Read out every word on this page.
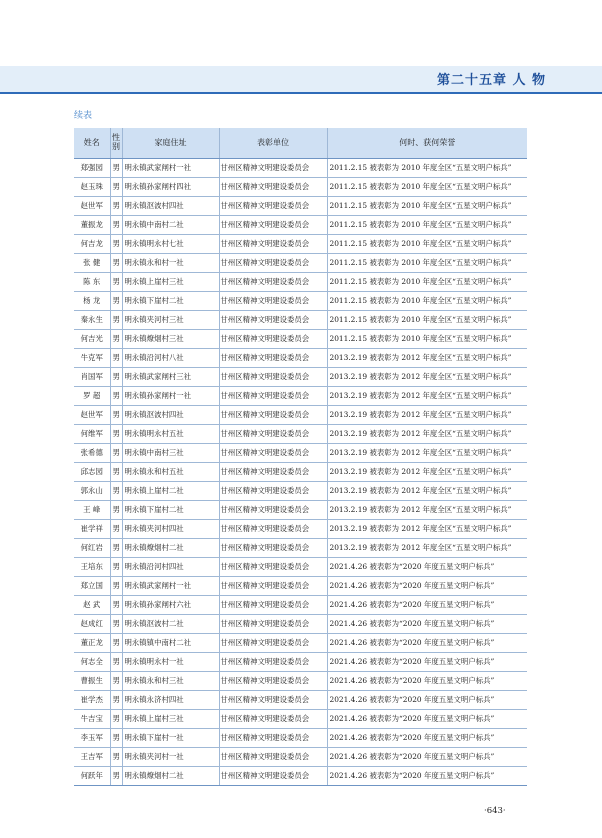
第二十五章 人 物
续表
姓名	性别	家庭住址	表彰单位	何时、获何荣誉
郑强园	男	明永镇武家闸村一社	甘州区精神文明建设委员会	2011.2.15 被表彰为 2010 年度全区“五星文明户标兵”
赵玉珠	男	明永镇孙家闸村四社	甘州区精神文明建设委员会	2011.2.15 被表彰为 2010 年度全区“五星文明户标兵”
赵世军	男	明永镇沤波村四社	甘州区精神文明建设委员会	2011.2.15 被表彰为 2010 年度全区“五星文明户标兵”
董振龙	男	明永镇中南村二社	甘州区精神文明建设委员会	2011.2.15 被表彰为 2010 年度全区“五星文明户标兵”
何吉龙	男	明永镇明永村七社	甘州区精神文明建设委员会	2011.2.15 被表彰为 2010 年度全区“五星文明户标兵”
张 健	男	明永镇永和村一社	甘州区精神文明建设委员会	2011.2.15 被表彰为 2010 年度全区“五星文明户标兵”
陈 东	男	明永镇上崖村三社	甘州区精神文明建设委员会	2011.2.15 被表彰为 2010 年度全区“五星文明户标兵”
杨 龙	男	明永镇下崖村二社	甘州区精神文明建设委员会	2011.2.15 被表彰为 2010 年度全区“五星文明户标兵”
秦永生	男	明永镇夹河村三社	甘州区精神文明建设委员会	2011.2.15 被表彰为 2010 年度全区“五星文明户标兵”
何吉光	男	明永镇燎烟村三社	甘州区精神文明建设委员会	2011.2.15 被表彰为 2010 年度全区“五星文明户标兵”
牛克军	男	明永镇沿河村八社	甘州区精神文明建设委员会	2013.2.19 被表彰为 2012 年度全区“五星文明户标兵”
肖国军	男	明永镇武家闸村三社	甘州区精神文明建设委员会	2013.2.19 被表彰为 2012 年度全区“五星文明户标兵”
罗 超	男	明永镇孙家闸村一社	甘州区精神文明建设委员会	2013.2.19 被表彰为 2012 年度全区“五星文明户标兵”
赵世军	男	明永镇沤波村四社	甘州区精神文明建设委员会	2013.2.19 被表彰为 2012 年度全区“五星文明户标兵”
何维军	男	明永镇明永村五社	甘州区精神文明建设委员会	2013.2.19 被表彰为 2012 年度全区“五星文明户标兵”
张希德	男	明永镇中南村三社	甘州区精神文明建设委员会	2013.2.19 被表彰为 2012 年度全区“五星文明户标兵”
邱志园	男	明永镇永和村五社	甘州区精神文明建设委员会	2013.2.19 被表彰为 2012 年度全区“五星文明户标兵”
郭永山	男	明永镇上崖村二社	甘州区精神文明建设委员会	2013.2.19 被表彰为 2012 年度全区“五星文明户标兵”
王 峰	男	明永镇下崖村二社	甘州区精神文明建设委员会	2013.2.19 被表彰为 2012 年度全区“五星文明户标兵”
崔学祥	男	明永镇夹河村四社	甘州区精神文明建设委员会	2013.2.19 被表彰为 2012 年度全区“五星文明户标兵”
何红岩	男	明永镇燎烟村二社	甘州区精神文明建设委员会	2013.2.19 被表彰为 2012 年度全区“五星文明户标兵”
王培东	男	明永镇沿河村四社	甘州区精神文明建设委员会	2021.4.26 被表彰为“2020 年度五星文明户标兵”
郑立国	男	明永镇武家闸村一社	甘州区精神文明建设委员会	2021.4.26 被表彰为“2020 年度五星文明户标兵”
赵 武	男	明永镇孙家闸村六社	甘州区精神文明建设委员会	2021.4.26 被表彰为“2020 年度五星文明户标兵”
赵成红	男	明永镇沤波村二社	甘州区精神文明建设委员会	2021.4.26 被表彰为“2020 年度五星文明户标兵”
董正龙	男	明永镇镇中南村二社	甘州区精神文明建设委员会	2021.4.26 被表彰为“2020 年度五星文明户标兵”
何志全	男	明永镇明永村一社	甘州区精神文明建设委员会	2021.4.26 被表彰为“2020 年度五星文明户标兵”
曹振生	男	明永镇永和村三社	甘州区精神文明建设委员会	2021.4.26 被表彰为“2020 年度五星文明户标兵”
崔学杰	男	明永镇永济村四社	甘州区精神文明建设委员会	2021.4.26 被表彰为“2020 年度五星文明户标兵”
牛吉宝	男	明永镇上崖村三社	甘州区精神文明建设委员会	2021.4.26 被表彰为“2020 年度五星文明户标兵”
李玉军	男	明永镇下崖村一社	甘州区精神文明建设委员会	2021.4.26 被表彰为“2020 年度五星文明户标兵”
王吉军	男	明永镇夹河村一社	甘州区精神文明建设委员会	2021.4.26 被表彰为“2020 年度五星文明户标兵”
何跃年	男	明永镇燎烟村二社	甘州区精神文明建设委员会	2021.4.26 被表彰为“2020 年度五星文明户标兵”
·643·
